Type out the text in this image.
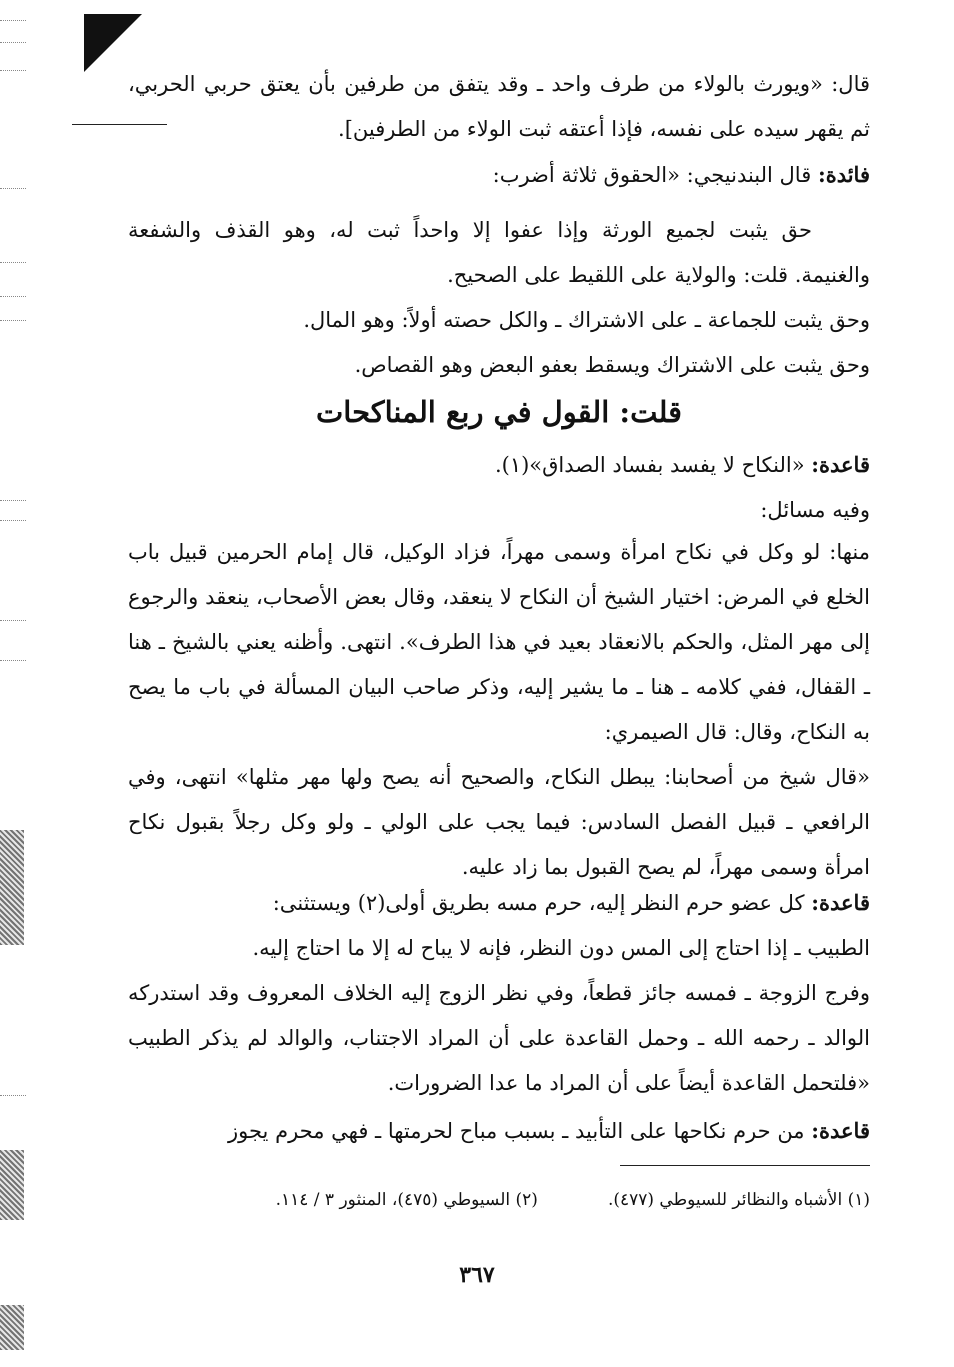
قال: «ويورث بالولاء من طرف واحد ـ وقد يتفق من طرفين بأن يعتق حربي الحربي، ثم يقهر سيده على نفسه، فإذا أعتقه ثبت الولاء من الطرفين].

فائدة: قال البندنيجي: «الحقوق ثلاثة أضرب:

حق يثبت لجميع الورثة وإذا عفوا إلا واحداً ثبت له، وهو القذف والشفعة والغنيمة. قلت: والولاية على اللقيط على الصحيح.

وحق يثبت للجماعة ـ على الاشتراك ـ والكل حصته أولاً: وهو المال.

وحق يثبت على الاشتراك ويسقط بعفو البعض وهو القصاص.

قلت: القول في ربع المناكحات

قاعدة: «النكاح لا يفسد بفساد الصداق»(١).

وفيه مسائل:

منها: لو وكل في نكاح امرأة وسمى مهراً، فزاد الوكيل، قال إمام الحرمين قبيل باب الخلع في المرض: اختيار الشيخ أن النكاح لا ينعقد، وقال بعض الأصحاب، ينعقد والرجوع إلى مهر المثل، والحكم بالانعقاد بعيد في هذا الطرف». انتهى. وأظنه يعني بالشيخ ـ هنا ـ القفال، ففي كلامه ـ هنا ـ ما يشير إليه، وذكر صاحب البيان المسألة في باب ما يصح به النكاح، وقال: قال الصيمري:

«قال شيخ من أصحابنا: يبطل النكاح، والصحيح أنه يصح ولها مهر مثلها» انتهى، وفي الرافعي ـ قبيل الفصل السادس: فيما يجب على الولي ـ ولو وكل رجلاً بقبول نكاح امرأة وسمى مهراً، لم يصح القبول بما زاد عليه.

قاعدة: كل عضو حرم النظر إليه، حرم مسه بطريق أولى(٢) ويستثنى:

الطبيب ـ إذا احتاج إلى المس دون النظر، فإنه لا يباح له إلا ما احتاج إليه.

وفرج الزوجة ـ فمسه جائز قطعاً، وفي نظر الزوج إليه الخلاف المعروف وقد استدركه الوالد ـ رحمه الله ـ وحمل القاعدة على أن المراد الاجتناب، والوالد لم يذكر الطبيب «فلتحمل القاعدة أيضاً على أن المراد ما عدا الضرورات.

قاعدة: من حرم نكاحها على التأبيد ـ بسبب مباح لحرمتها ـ فهي محرم يجوز

(١) الأشباه والنظائر للسيوطي (٤٧٧).
(٢) السيوطي (٤٧٥)، المنثور ٣ / ١١٤.
٣٦٧
